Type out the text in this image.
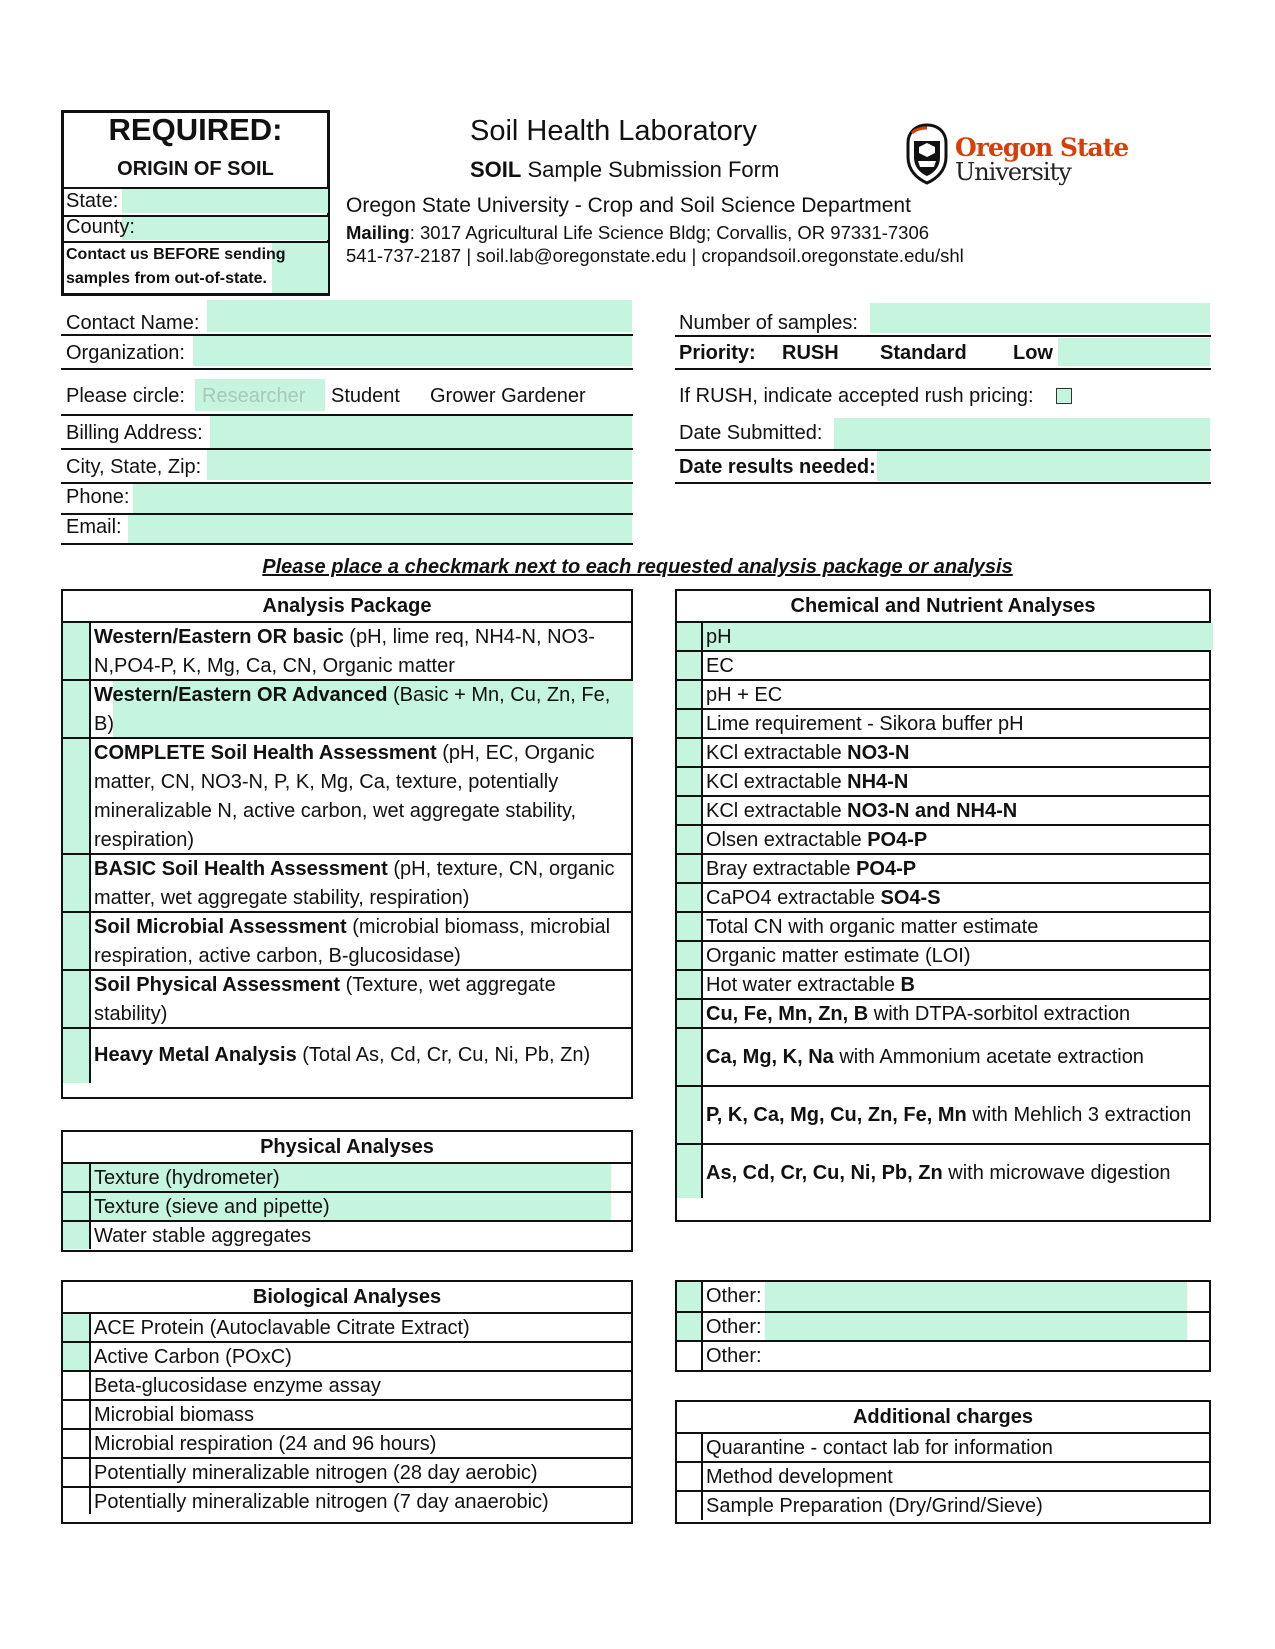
REQUIRED:
ORIGIN OF SOIL
State:
County:
Contact us BEFORE sending
samples from out-of-state.
Soil Health Laboratory
SOIL Sample Submission Form
Oregon State University - Crop and Soil Science Department
Mailing: 3017 Agricultural Life Science Bldg; Corvallis, OR 97331-7306
541-737-2187 | soil.lab@oregonstate.edu | cropandsoil.oregonstate.edu/shl
Oregon State
University
Contact Name:
Organization:
Please circle: Researcher Student Grower Gardener
Billing Address:
City, State, Zip:
Phone:
Email:
Number of samples:
Priority: RUSH Standard Low
If RUSH, indicate accepted rush pricing:
Date Submitted:
Date results needed:
Please place a checkmark next to each requested analysis package or analysis
Analysis Package
Western/Eastern OR basic (pH, lime req, NH4-N, NO3-
N,PO4-P, K, Mg, Ca, CN, Organic matter
Western/Eastern OR Advanced (Basic + Mn, Cu, Zn, Fe,
B)
COMPLETE Soil Health Assessment (pH, EC, Organic
matter, CN, NO3-N, P, K, Mg, Ca, texture, potentially
mineralizable N, active carbon, wet aggregate stability,
respiration)
BASIC Soil Health Assessment (pH, texture, CN, organic
matter, wet aggregate stability, respiration)
Soil Microbial Assessment (microbial biomass, microbial
respiration, active carbon, B-glucosidase)
Soil Physical Assessment (Texture, wet aggregate
stability)
Heavy Metal Analysis (Total As, Cd, Cr, Cu, Ni, Pb, Zn)
Physical Analyses
Texture (hydrometer)
Texture (sieve and pipette)
Water stable aggregates
Biological Analyses
ACE Protein (Autoclavable Citrate Extract)
Active Carbon (POxC)
Beta-glucosidase enzyme assay
Microbial biomass
Microbial respiration (24 and 96 hours)
Potentially mineralizable nitrogen (28 day aerobic)
Potentially mineralizable nitrogen (7 day anaerobic)
Chemical and Nutrient Analyses
pH
EC
pH + EC
Lime requirement - Sikora buffer pH
KCl extractable NO3-N
KCl extractable NH4-N
KCl extractable NO3-N and NH4-N
Olsen extractable PO4-P
Bray extractable PO4-P
CaPO4 extractable SO4-S
Total CN with organic matter estimate
Organic matter estimate (LOI)
Hot water extractable B
Cu, Fe, Mn, Zn, B with DTPA-sorbitol extraction
Ca, Mg, K, Na with Ammonium acetate extraction
P, K, Ca, Mg, Cu, Zn, Fe, Mn with Mehlich 3 extraction
As, Cd, Cr, Cu, Ni, Pb, Zn with microwave digestion
Other:
Other:
Other:
Additional charges
Quarantine - contact lab for information
Method development
Sample Preparation (Dry/Grind/Sieve)
